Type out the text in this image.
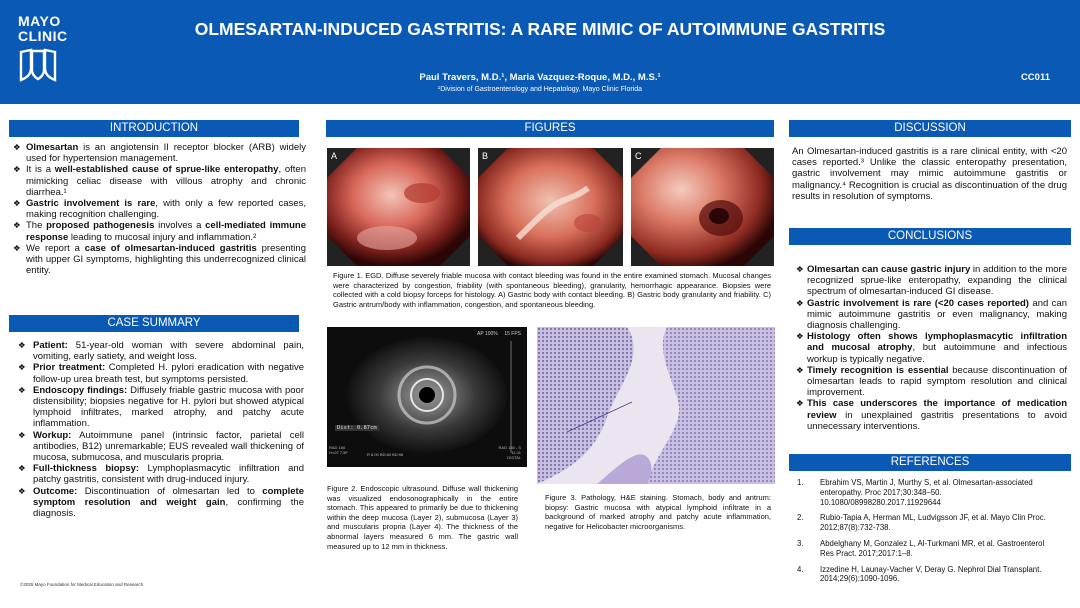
MAYO
CLINIC	OLMESARTAN-INDUCED GASTRITIS: A RARE MIMIC OF AUTOIMMUNE GASTRITIS
Paul Travers, M.D.¹, Maria Vazquez-Roque, M.D., M.S.¹
¹Division of Gastroenterology and Hepatology, Mayo Clinic Florida
CC011
INTRODUCTION
❖ Olmesartan is an angiotensin II receptor blocker (ARB) widely used for hypertension management.
❖ It is a well-established cause of sprue-like enteropathy, often mimicking celiac disease with villous atrophy and chronic diarrhea.¹
❖ Gastric involvement is rare, with only a few reported cases, making recognition challenging.
❖ The proposed pathogenesis involves a cell-mediated immune response leading to mucosal injury and inflammation.²
❖ We report a case of olmesartan-induced gastritis presenting with upper GI symptoms, highlighting this underrecognized clinical entity.
CASE SUMMARY
❖ Patient: 51-year-old woman with severe abdominal pain, vomiting, early satiety, and weight loss.
❖ Prior treatment: Completed H. pylori eradication with negative follow-up urea breath test, but symptoms persisted.
❖ Endoscopy findings: Diffusely friable gastric mucosa with poor distensibility; biopsies negative for H. pylori but showed atypical lymphoid infiltrates, marked atrophy, and patchy acute inflammation.
❖ Workup: Autoimmune panel (intrinsic factor, parietal cell antibodies, B12) unremarkable; EUS revealed wall thickening of mucosa, submucosa, and muscularis propria.
❖ Full-thickness biopsy: Lymphoplasmacytic infiltration and patchy gastritis, consistent with drug-induced injury.
❖ Outcome: Discontinuation of olmesartan led to complete symptom resolution and weight gain, confirming the diagnosis.
FIGURES
A	B	C
Figure 1. EGD. Diffuse severely friable mucosa with contact bleeding was found in the entire examined stomach. Mucosal changes were characterized by congestion, friability (with spontaneous bleeding), granularity, hemorrhagic appearance. Biopsies were collected with a cold biopsy forceps for histology. A) Gastric body with contact bleeding. B) Gastric body granularity and friability. C) Gastric antrum/body with inflammation, congestion, and spontaneous bleeding.
AP 100% 15 FPS
Dist: 0.87cm
RAD 160
H=07 7.5F	R 6.00 BD:60 BD:96
RAD 160 - S
11:11
DISTAL
Figure 2. Endoscopic ultrasound. Diffuse wall thickening was visualized endosonographically in the entire stomach. This appeared to primarily be due to thickening within the deep mucosa (Layer 2), submucosa (Layer 3) and muscularis propria (Layer 4). The thickness of the abnormal layers measured 6 mm. The gastric wall measured up to 12 mm in thickness.
Figure 3. Pathology, H&E staining. Stomach, body and antrum: biopsy: Gastric mucosa with atypical lymphoid infiltrate in a background of marked atrophy and patchy acute inflammation, negative for Helicobacter microorganisms.
DISCUSSION
An Olmesartan-induced gastritis is a rare clinical entity, with <20 cases reported.³ Unlike the classic enteropathy presentation, gastric involvement may mimic autoimmune gastritis or malignancy.⁴ Recognition is crucial as discontinuation of the drug results in resolution of symptoms.
CONCLUSIONS
❖ Olmesartan can cause gastric injury in addition to the more recognized sprue-like enteropathy, expanding the clinical spectrum of olmesartan-induced GI disease.
❖ Gastric involvement is rare (<20 cases reported) and can mimic autoimmune gastritis or even malignancy, making diagnosis challenging.
❖ Histology often shows lymphoplasmacytic infiltration and mucosal atrophy, but autoimmune and infectious workup is typically negative.
❖ Timely recognition is essential because discontinuation of olmesartan leads to rapid symptom resolution and clinical improvement.
❖ This case underscores the importance of medication review in unexplained gastritis presentations to avoid unnecessary interventions.
REFERENCES
1. Ebrahim VS, Martin J, Murthy S, et al. Olmesartan-associated enteropathy. Proc 2017;30:348–50. 10.1080/08998280.2017.11929644
2. Rubio-Tapia A, Herman ML, Ludvigsson JF, et al. Mayo Clin Proc. 2012;87(8):732-738.
3. Abdelghany M, Gonzalez L, Al-Turkmani MR, et al. Gastroenterol Res Pract. 2017;2017:1–8.
4. Izzedine H, Launay-Vacher V, Deray G. Nephrol Dial Transplant. 2014;29(6):1090-1096.
©2025 Mayo Foundation for Medical Education and Research
